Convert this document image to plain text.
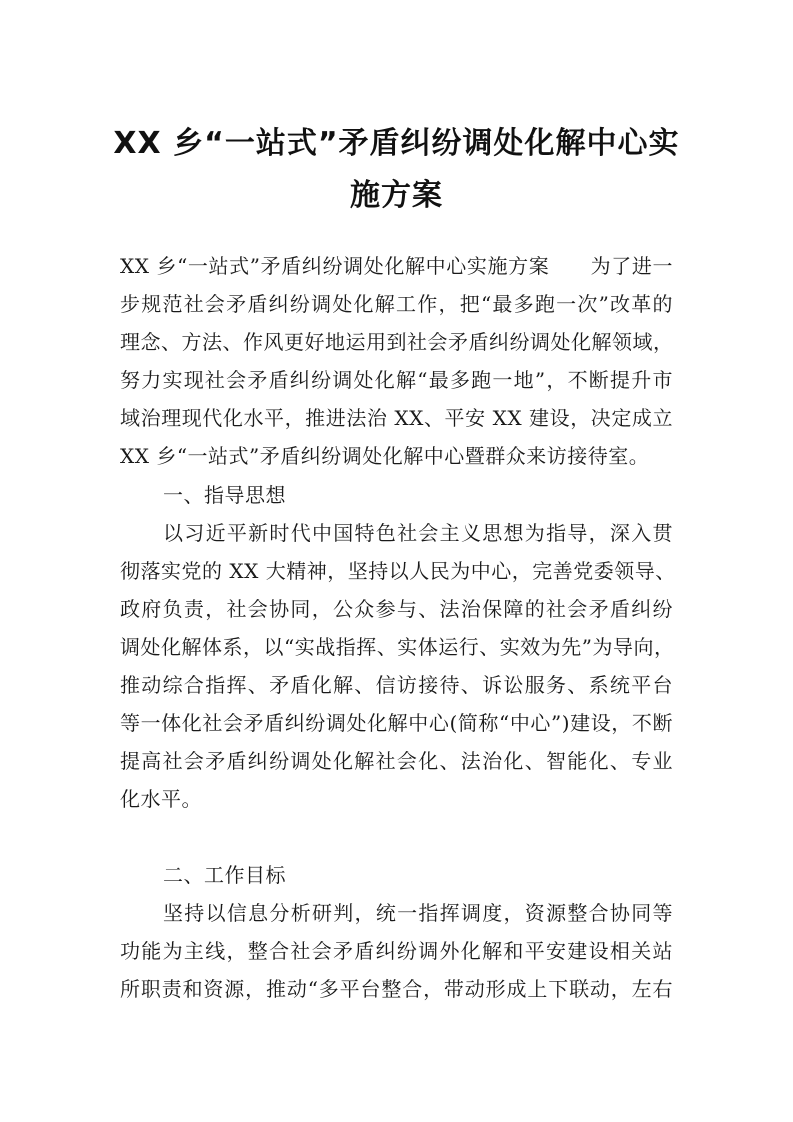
XX 乡“一站式”矛盾纠纷调处化解中心实
施方案
XX 乡“一站式”矛盾纠纷调处化解中心实施方案　　为了进一
步规范社会矛盾纠纷调处化解工作，把“最多跑一次”改革的
理念、方法、作风更好地运用到社会矛盾纠纷调处化解领域，
努力实现社会矛盾纠纷调处化解“最多跑一地”，不断提升市
域治理现代化水平，推进法治 XX、平安 XX 建设，决定成立
XX 乡“一站式”矛盾纠纷调处化解中心暨群众来访接待室。
一、指导思想
以习近平新时代中国特色社会主义思想为指导，深入贯
彻落实党的 XX 大精神，坚持以人民为中心，完善党委领导、
政府负责，社会协同，公众参与、法治保障的社会矛盾纠纷
调处化解体系，以“实战指挥、实体运行、实效为先”为导向，
推动综合指挥、矛盾化解、信访接待、诉讼服务、系统平台
等一体化社会矛盾纠纷调处化解中心(简称“中心”)建设，不断
提高社会矛盾纠纷调处化解社会化、法治化、智能化、专业
化水平。
二、工作目标
坚持以信息分析研判，统一指挥调度，资源整合协同等
功能为主线，整合社会矛盾纠纷调外化解和平安建设相关站
所职责和资源，推动“多平台整合，带动形成上下联动，左右
